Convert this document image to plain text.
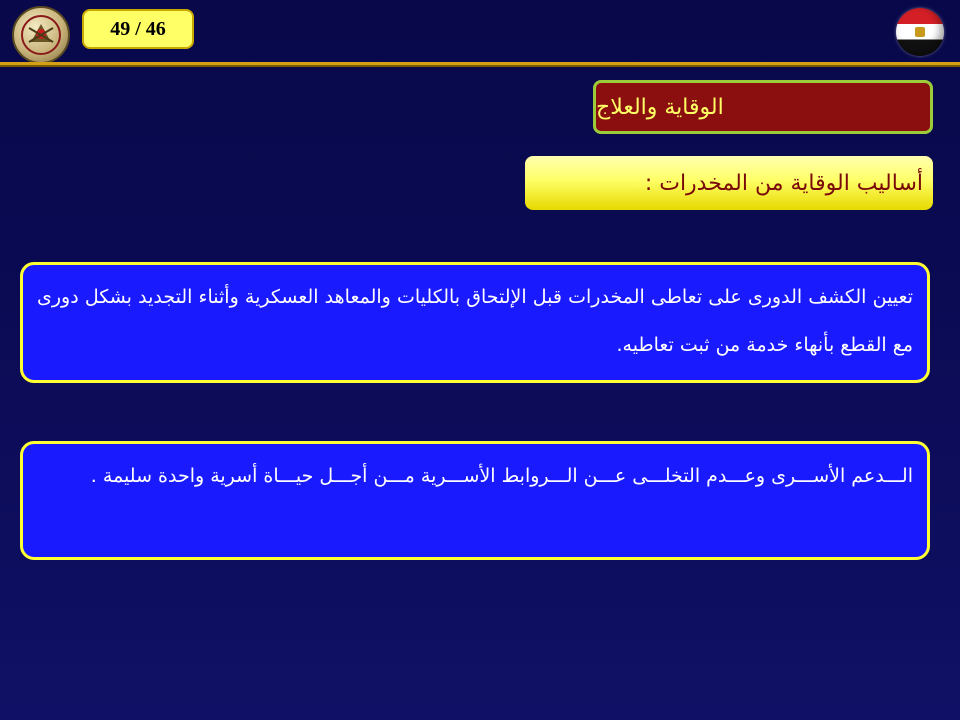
49 / 46
الوقاية والعلاج
أساليب الوقاية من المخدرات :
تعيين الكشف الدورى على تعاطى المخدرات قبل الإلتحاق بالكليات والمعاهد العسكرية وأثناء التجديد بشكل دورى مع القطع بأنهاء خدمة من ثبت تعاطيه.
الـــدعم الأســـرى وعـــدم التخلـــى عـــن الـــروابط الأســـرية مـــن أجـــل حيـــاة أسرية واحدة سليمة .
